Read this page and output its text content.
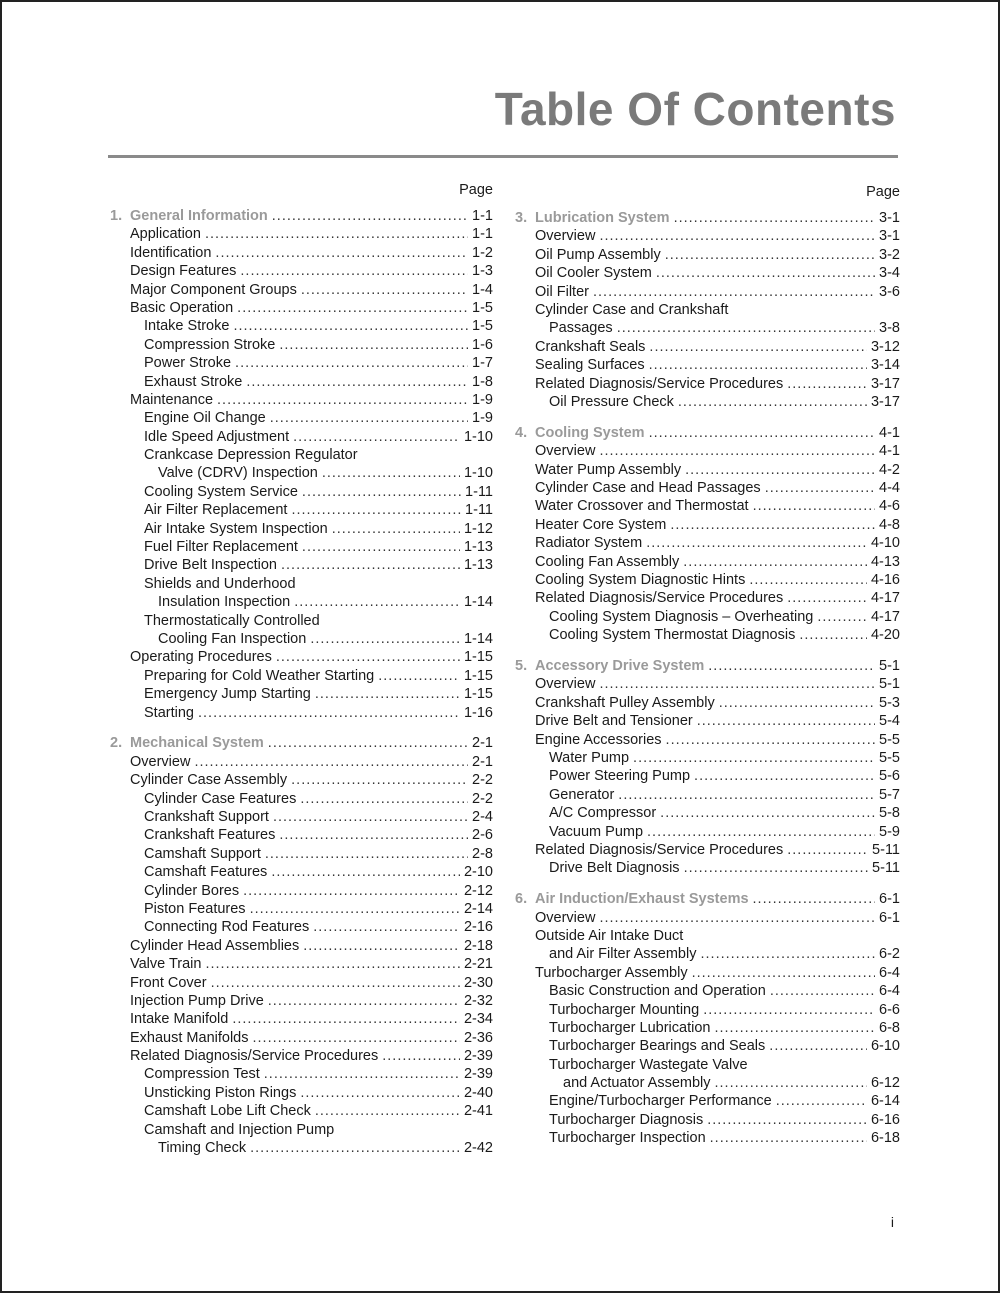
Table Of Contents
Page
1. General Information .....	1-1
Application .....	1-1
Identification .....	1-2
Design Features .....	1-3
Major Component Groups .....	1-4
Basic Operation .....	1-5
Intake Stroke .....	1-5
Compression Stroke .....	1-6
Power Stroke .....	1-7
Exhaust Stroke .....	1-8
Maintenance .....	1-9
Engine Oil Change .....	1-9
Idle Speed Adjustment .....	1-10
Crankcase Depression Regulator
Valve (CDRV) Inspection .....	1-10
Cooling System Service .....	1-11
Air Filter Replacement .....	1-11
Air Intake System Inspection .....	1-12
Fuel Filter Replacement .....	1-13
Drive Belt Inspection .....	1-13
Shields and Underhood
Insulation Inspection .....	1-14
Thermostatically Controlled
Cooling Fan Inspection .....	1-14
Operating Procedures .....	1-15
Preparing for Cold Weather Starting .....	1-15
Emergency Jump Starting .....	1-15
Starting .....	1-16
2. Mechanical System .....	2-1
Overview .....	2-1
Cylinder Case Assembly .....	2-2
Cylinder Case Features .....	2-2
Crankshaft Support .....	2-4
Crankshaft Features .....	2-6
Camshaft Support .....	2-8
Camshaft Features .....	2-10
Cylinder Bores .....	2-12
Piston Features .....	2-14
Connecting Rod Features .....	2-16
Cylinder Head Assemblies .....	2-18
Valve Train .....	2-21
Front Cover .....	2-30
Injection Pump Drive .....	2-32
Intake Manifold .....	2-34
Exhaust Manifolds .....	2-36
Related Diagnosis/Service Procedures .....	2-39
Compression Test .....	2-39
Unsticking Piston Rings .....	2-40
Camshaft Lobe Lift Check .....	2-41
Camshaft and Injection Pump
Timing Check .....	2-42
Page
3. Lubrication System .....	3-1
Overview .....	3-1
Oil Pump Assembly .....	3-2
Oil Cooler System .....	3-4
Oil Filter .....	3-6
Cylinder Case and Crankshaft
Passages .....	3-8
Crankshaft Seals .....	3-12
Sealing Surfaces .....	3-14
Related Diagnosis/Service Procedures .....	3-17
Oil Pressure Check .....	3-17
4. Cooling System .....	4-1
Overview .....	4-1
Water Pump Assembly .....	4-2
Cylinder Case and Head Passages .....	4-4
Water Crossover and Thermostat .....	4-6
Heater Core System .....	4-8
Radiator System .....	4-10
Cooling Fan Assembly .....	4-13
Cooling System Diagnostic Hints .....	4-16
Related Diagnosis/Service Procedures .....	4-17
Cooling System Diagnosis – Overheating .....	4-17
Cooling System Thermostat Diagnosis .....	4-20
5. Accessory Drive System .....	5-1
Overview .....	5-1
Crankshaft Pulley Assembly .....	5-3
Drive Belt and Tensioner .....	5-4
Engine Accessories .....	5-5
Water Pump .....	5-5
Power Steering Pump .....	5-6
Generator .....	5-7
A/C Compressor .....	5-8
Vacuum Pump .....	5-9
Related Diagnosis/Service Procedures .....	5-11
Drive Belt Diagnosis .....	5-11
6. Air Induction/Exhaust Systems .....	6-1
Overview .....	6-1
Outside Air Intake Duct
and Air Filter Assembly .....	6-2
Turbocharger Assembly .....	6-4
Basic Construction and Operation .....	6-4
Turbocharger Mounting .....	6-6
Turbocharger Lubrication .....	6-8
Turbocharger Bearings and Seals .....	6-10
Turbocharger Wastegate Valve
and Actuator Assembly .....	6-12
Engine/Turbocharger Performance .....	6-14
Turbocharger Diagnosis .....	6-16
Turbocharger Inspection .....	6-18
i
